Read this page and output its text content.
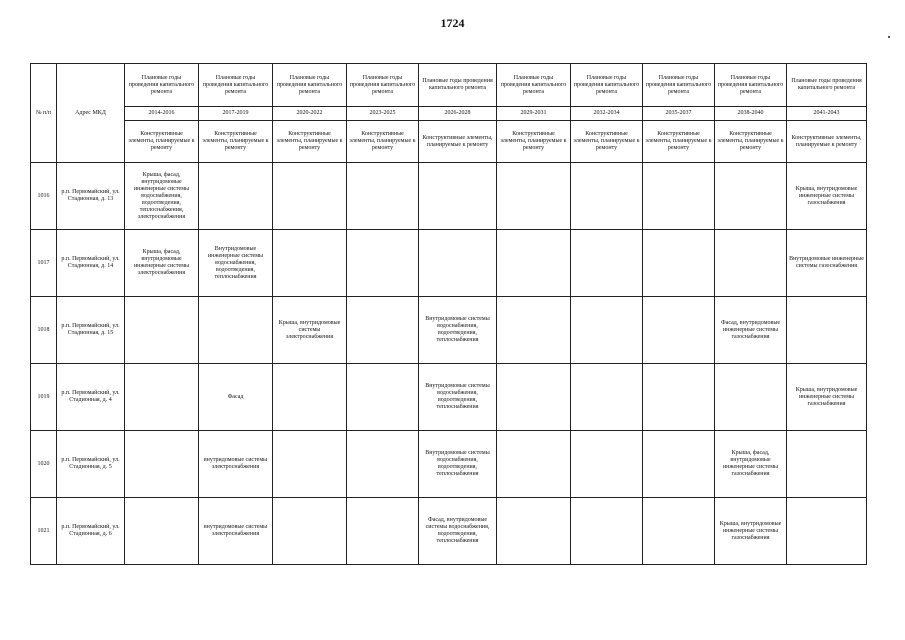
1724
№ п/п	Адрес МКД	Плановые годы проведения капитального ремонта	Плановые годы проведения капитального ремонта	Плановые годы проведения капитального ремонта	Плановые годы проведения капитального ремонта	Плановые годы проведения капитального ремонта	Плановые годы проведения капитального ремонта	Плановые годы проведения капитального ремонта	Плановые годы проведения капитального ремонта	Плановые годы проведения капитального ремонта	Плановые годы проведения капитального ремонта
		2014-2016	2017-2019	2020-2022	2023-2025	2026-2028	2029-2031	2032-2034	2035-2037	2038-2040	2041-2043
		Конструктивные элементы, планируемые к ремонту	Конструктивные элементы, планируемые к ремонту	Конструктивные элементы, планируемые к ремонту	Конструктивные элементы, планируемые к ремонту	Конструктивные элементы, планируемые к ремонту	Конструктивные элементы, планируемые к ремонту	Конструктивные элементы, планируемые к ремонту	Конструктивные элементы, планируемые к ремонту	Конструктивные элементы, планируемые к ремонту	Конструктивные элементы, планируемые к ремонту
1016	р.п. Первомайский, ул. Стадионная, д. 13	Крыша, фасад, внутридомовые инженерные системы водоснабжения, водоотведения, теплоснабжения, электроснабжения									Крыша, внутридомовые инженерные системы газоснабжения
1017	р.п. Первомайский, ул. Стадионная, д. 14	Крыша, фасад, внутридомовые инженерные системы электроснабжения	Внутридомовые инженерные системы водоснабжения, водоотведения, теплоснабжения								Внутридомовые инженерные системы газоснабжения
1018	р.п. Первомайский, ул. Стадионная, д. 15			Крыша, внутридомовые системы электроснабжения		Внутридомовые системы водоснабжения, водоотведения, теплоснабжения				Фасад, внутридомовые инженерные системы газоснабжения	
1019	р.п. Первомайский, ул. Стадионная, д. 4		Фасад			Внутридомовые системы водоснабжения, водоотведения, теплоснабжения					Крыша, внутридомовые инженерные системы газоснабжения
1020	р.п. Первомайский, ул. Стадионная, д. 5		внутридомовые системы электроснабжения			Внутридомовые системы водоснабжения, водоотведения, теплоснабжения				Крыша, фасад, внутридомовые инженерные системы газоснабжения	
1021	р.п. Первомайский, ул. Стадионная, д. 6		внутридомовые системы электроснабжения			Фасад, внутридомовые системы водоснабжения, водоотведения, теплоснабжения				Крыша, внутридомовые инженерные системы газоснабжения	
